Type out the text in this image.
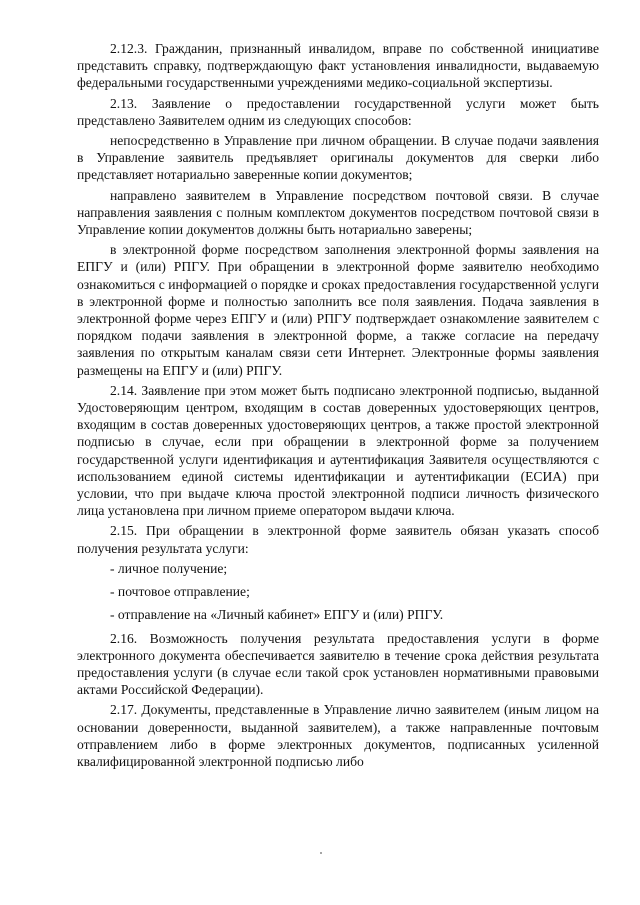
2.12.3. Гражданин, признанный инвалидом, вправе по собственной инициативе представить справку, подтверждающую факт установления инвалидности, выдаваемую федеральными государственными учреждениями медико-социальной экспертизы.

2.13. Заявление о предоставлении государственной услуги может быть представлено Заявителем одним из следующих способов:

непосредственно в Управление при личном обращении. В случае подачи заявления в Управление заявитель предъявляет оригиналы документов для сверки либо представляет нотариально заверенные копии документов;

направлено заявителем в Управление посредством почтовой связи. В случае направления заявления с полным комплектом документов посредством почтовой связи в Управление копии документов должны быть нотариально заверены;

в электронной форме посредством заполнения электронной формы заявления на ЕПГУ и (или) РПГУ. При обращении в электронной форме заявителю необходимо ознакомиться с информацией о порядке и сроках предоставления государственной услуги в электронной форме и полностью заполнить все поля заявления. Подача заявления в электронной форме через ЕПГУ и (или) РПГУ подтверждает ознакомление заявителем с порядком подачи заявления в электронной форме, а также согласие на передачу заявления по открытым каналам связи сети Интернет. Электронные формы заявления размещены на ЕПГУ и (или) РПГУ.

2.14. Заявление при этом может быть подписано электронной подписью, выданной Удостоверяющим центром, входящим в состав доверенных удостоверяющих центров, входящим в состав доверенных удостоверяющих центров, а также простой электронной подписью в случае, если при обращении в электронной форме за получением государственной услуги идентификация и аутентификация Заявителя осуществляются с использованием единой системы идентификации и аутентификации (ЕСИА) при условии, что при выдаче ключа простой электронной подписи личность физического лица установлена при личном приеме оператором выдачи ключа.

2.15. При обращении в электронной форме заявитель обязан указать способ получения результата услуги:

- личное получение;

- почтовое отправление;

- отправление на «Личный кабинет» ЕПГУ и (или) РПГУ.

2.16. Возможность получения результата предоставления услуги в форме электронного документа обеспечивается заявителю в течение срока действия результата предоставления услуги (в случае если такой срок установлен нормативными правовыми актами Российской Федерации).

2.17. Документы, представленные в Управление лично заявителем (иным лицом на основании доверенности, выданной заявителем), а также направленные почтовым отправлением либо в форме электронных документов, подписанных усиленной квалифицированной электронной подписью либо
